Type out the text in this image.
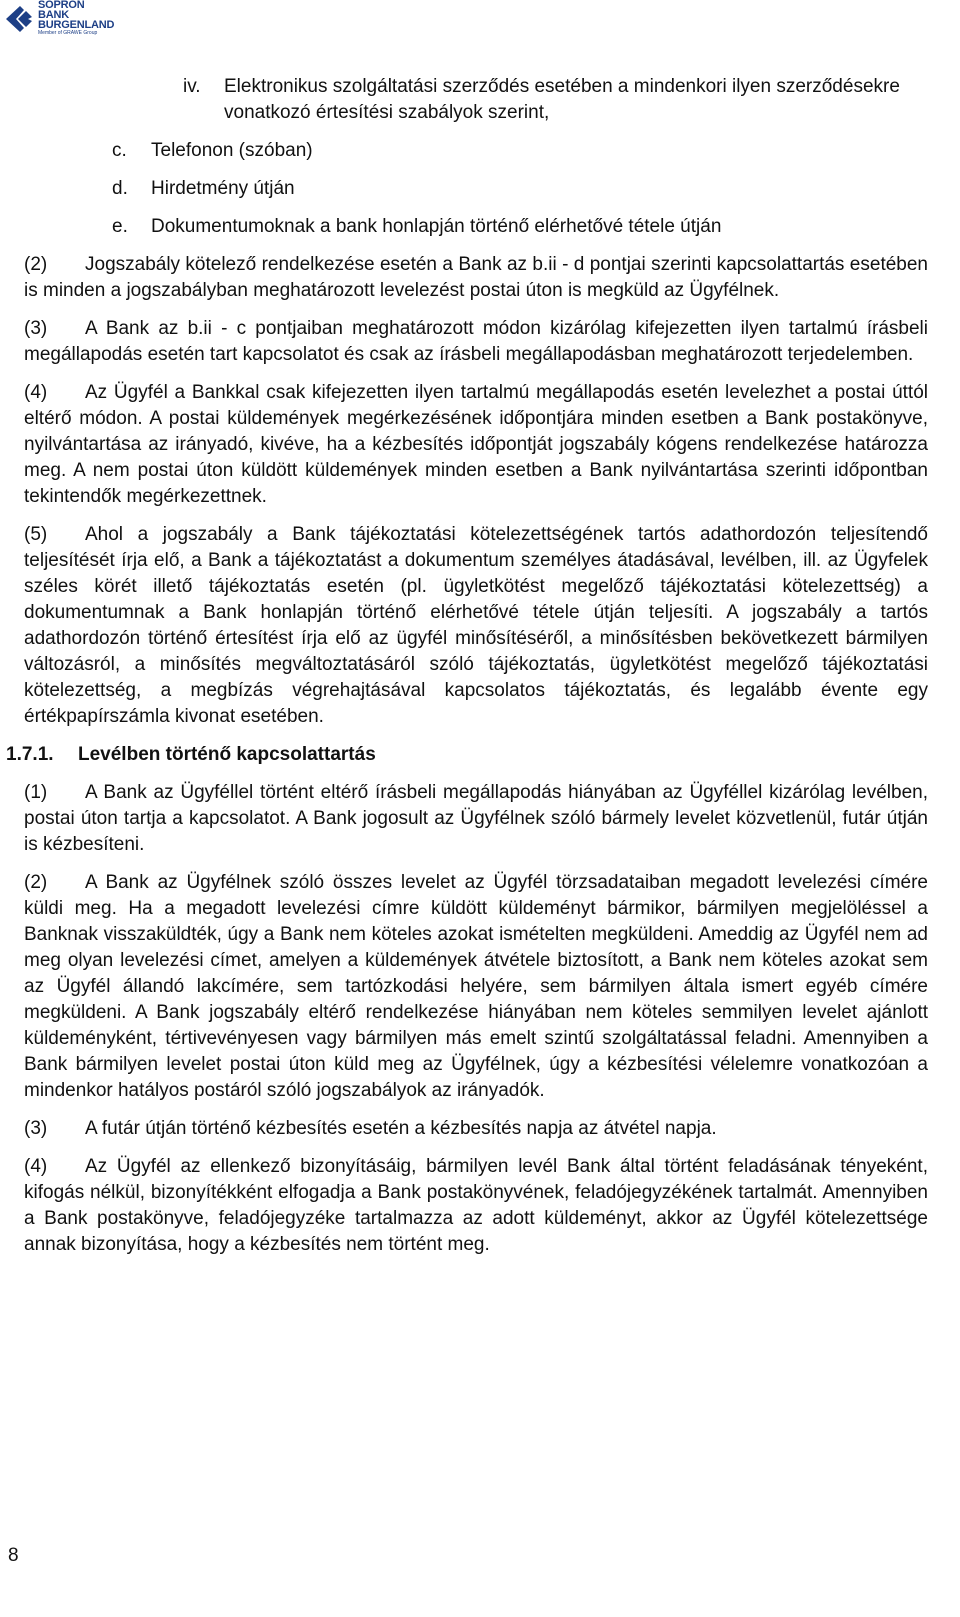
SOPRON
BANK
BURGENLAND
Member of GRAWE Group
iv.	Elektronikus szolgáltatási szerződés esetében a mindenkori ilyen szerződésekre vonatkozó értesítési szabályok szerint,
c.	Telefonon (szóban)
d.	Hirdetmény útján
e.	Dokumentumoknak a bank honlapján történő elérhetővé tétele útján

(2) Jogszabály kötelező rendelkezése esetén a Bank az b.ii - d pontjai szerinti kapcsolattartás esetében is minden a jogszabályban meghatározott levelezést postai úton is megküld az Ügyfélnek.

(3) A Bank az b.ii - c pontjaiban meghatározott módon kizárólag kifejezetten ilyen tartalmú írásbeli megállapodás esetén tart kapcsolatot és csak az írásbeli megállapodásban meghatározott terjedelemben.

(4) Az Ügyfél a Bankkal csak kifejezetten ilyen tartalmú megállapodás esetén levelezhet a postai úttól eltérő módon. A postai küldemények megérkezésének időpontjára minden esetben a Bank postakönyve, nyilvántartása az irányadó, kivéve, ha a kézbesítés időpontját jogszabály kógens rendelkezése határozza meg. A nem postai úton küldött küldemények minden esetben a Bank nyilvántartása szerinti időpontban tekintendők megérkezettnek.

(5) Ahol a jogszabály a Bank tájékoztatási kötelezettségének tartós adathordozón teljesítendő teljesítését írja elő, a Bank a tájékoztatást a dokumentum személyes átadásával, levélben, ill. az Ügyfelek széles körét illető tájékoztatás esetén (pl. ügyletkötést megelőző tájékoztatási kötelezettség) a dokumentumnak a Bank honlapján történő elérhetővé tétele útján teljesíti. A jogszabály a tartós adathordozón történő értesítést írja elő az ügyfél minősítéséről, a minősítésben bekövetkezett bármilyen változásról, a minősítés megváltoztatásáról szóló tájékoztatás, ügyletkötést megelőző tájékoztatási kötelezettség, a megbízás végrehajtásával kapcsolatos tájékoztatás, és legalább évente egy értékpapírszámla kivonat esetében.

1.7.1.	Levélben történő kapcsolattartás

(1) A Bank az Ügyféllel történt eltérő írásbeli megállapodás hiányában az Ügyféllel kizárólag levélben, postai úton tartja a kapcsolatot. A Bank jogosult az Ügyfélnek szóló bármely levelet közvetlenül, futár útján is kézbesíteni.

(2) A Bank az Ügyfélnek szóló összes levelet az Ügyfél törzsadataiban megadott levelezési címére küldi meg. Ha a megadott levelezési címre küldött küldeményt bármikor, bármilyen megjelöléssel a Banknak visszaküldték, úgy a Bank nem köteles azokat ismételten megküldeni. Ameddig az Ügyfél nem ad meg olyan levelezési címet, amelyen a küldemények átvétele biztosított, a Bank nem köteles azokat sem az Ügyfél állandó lakcímére, sem tartózkodási helyére, sem bármilyen általa ismert egyéb címére megküldeni. A Bank jogszabály eltérő rendelkezése hiányában nem köteles semmilyen levelet ajánlott küldeményként, tértivevényesen vagy bármilyen más emelt szintű szolgáltatással feladni. Amennyiben a Bank bármilyen levelet postai úton küld meg az Ügyfélnek, úgy a kézbesítési vélelemre vonatkozóan a mindenkor hatályos postáról szóló jogszabályok az irányadók.

(3) A futár útján történő kézbesítés esetén a kézbesítés napja az átvétel napja.

(4) Az Ügyfél az ellenkező bizonyításáig, bármilyen levél Bank által történt feladásának tényeként, kifogás nélkül, bizonyítékként elfogadja a Bank postakönyvének, feladójegyzékének tartalmát. Amennyiben a Bank postakönyve, feladójegyzéke tartalmazza az adott küldeményt, akkor az Ügyfél kötelezettsége annak bizonyítása, hogy a kézbesítés nem történt meg.

8
